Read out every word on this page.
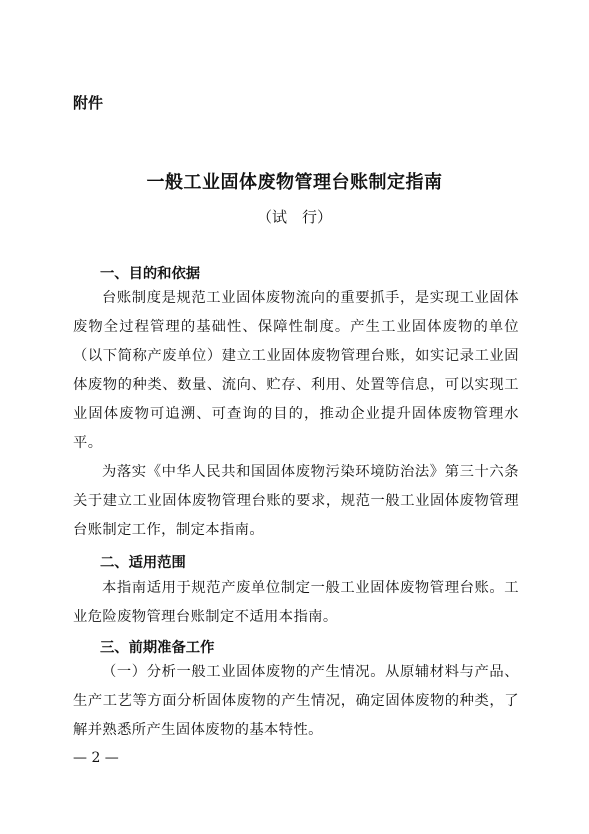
附件
一般工业固体废物管理台账制定指南
（试　行）
一、目的和依据
台账制度是规范工业固体废物流向的重要抓手，是实现工业固体废物全过程管理的基础性、保障性制度。产生工业固体废物的单位（以下简称产废单位）建立工业固体废物管理台账，如实记录工业固体废物的种类、数量、流向、贮存、利用、处置等信息，可以实现工业固体废物可追溯、可查询的目的，推动企业提升固体废物管理水平。
为落实《中华人民共和国固体废物污染环境防治法》第三十六条关于建立工业固体废物管理台账的要求，规范一般工业固体废物管理台账制定工作，制定本指南。
二、适用范围
本指南适用于规范产废单位制定一般工业固体废物管理台账。工业危险废物管理台账制定不适用本指南。
三、前期准备工作
（一）分析一般工业固体废物的产生情况。从原辅材料与产品、生产工艺等方面分析固体废物的产生情况，确定固体废物的种类，了解并熟悉所产生固体废物的基本特性。
— 2 —
